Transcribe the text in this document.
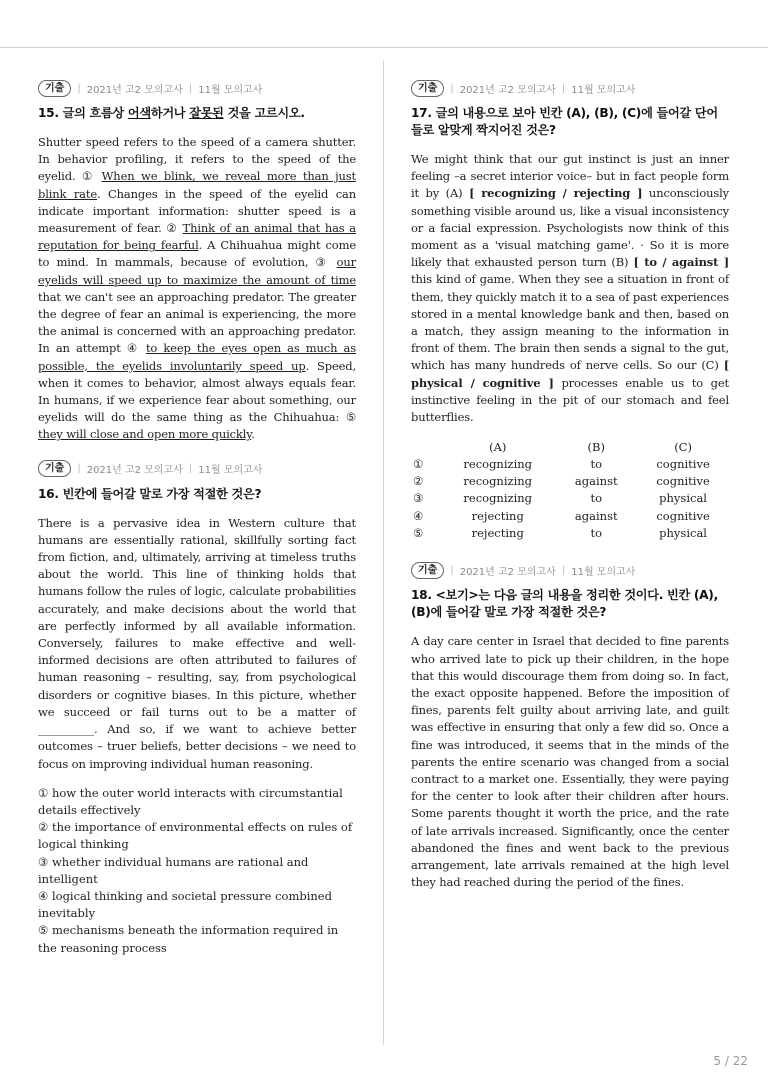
기출	| 2021년 고2 모의고사 | 11월 모의고사
15. 글의 흐름상 어색하거나 잘못된 것을 고르시오.

Shutter speed refers to the speed of a camera shutter. In behavior profiling, it refers to the speed of the eyelid. ① When we blink, we reveal more than just blink rate. Changes in the speed of the eyelid can indicate important information: shutter speed is a measurement of fear. ② Think of an animal that has a reputation for being fearful. A Chihuahua might come to mind. In mammals, because of evolution, ③ our eyelids will speed up to maximize the amount of time that we can't see an approaching predator. The greater the degree of fear an animal is experiencing, the more the animal is concerned with an approaching predator. In an attempt ④ to keep the eyes open as much as possible, the eyelids involuntarily speed up. Speed, when it comes to behavior, almost always equals fear. In humans, if we experience fear about something, our eyelids will do the same thing as the Chihuahua: ⑤ they will close and open more quickly.

기출	| 2021년 고2 모의고사 | 11월 모의고사
16. 빈칸에 들어갈 말로 가장 적절한 것은?

There is a pervasive idea in Western culture that humans are essentially rational, skillfully sorting fact from fiction, and, ultimately, arriving at timeless truths about the world. This line of thinking holds that humans follow the rules of logic, calculate probabilities accurately, and make decisions about the world that are perfectly informed by all available information. Conversely, failures to make effective and well-informed decisions are often attributed to failures of human reasoning – resulting, say, from psychological disorders or cognitive biases. In this picture, whether we succeed or fail turns out to be a matter of __________. And so, if we want to achieve better outcomes – truer beliefs, better decisions – we need to focus on improving individual human reasoning.

① how the outer world interacts with circumstantial details effectively
② the importance of environmental effects on rules of logical thinking
③ whether individual humans are rational and intelligent
④ logical thinking and societal pressure combined inevitably
⑤ mechanisms beneath the information required in the reasoning process
기출	| 2021년 고2 모의고사 | 11월 모의고사
17. 글의 내용으로 보아 빈칸 (A), (B), (C)에 들어갈 단어들로 알맞게 짝지어진 것은?

We might think that our gut instinct is just an inner feeling –a secret interior voice– but in fact people form it by (A) [ recognizing / rejecting ] unconsciously something visible around us, like a visual inconsistency or a facial expression. Psychologists now think of this moment as a 'visual matching game'. · So it is more likely that exhausted person turn (B) [ to / against ] this kind of game. When they see a situation in front of them, they quickly match it to a sea of past experiences stored in a mental knowledge bank and then, based on a match, they assign meaning to the information in front of them. The brain then sends a signal to the gut, which has many hundreds of nerve cells. So our (C) [ physical / cognitive ] processes enable us to get instinctive feeling in the pit of our stomach and feel butterflies.

	(A)	(B)	(C)
①	recognizing	to	cognitive
②	recognizing	against	cognitive
③	recognizing	to	physical
④	rejecting	against	cognitive
⑤	rejecting	to	physical
기출	| 2021년 고2 모의고사 | 11월 모의고사
18. <보기>는 다음 글의 내용을 정리한 것이다. 빈칸 (A), (B)에 들어갈 말로 가장 적절한 것은?

A day care center in Israel that decided to fine parents who arrived late to pick up their children, in the hope that this would discourage them from doing so. In fact, the exact opposite happened. Before the imposition of fines, parents felt guilty about arriving late, and guilt was effective in ensuring that only a few did so. Once a fine was introduced, it seems that in the minds of the parents the entire scenario was changed from a social contract to a market one. Essentially, they were paying for the center to look after their children after hours. Some parents thought it worth the price, and the rate of late arrivals increased. Significantly, once the center abandoned the fines and went back to the previous arrangement, late arrivals remained at the high level they had reached during the period of the fines.

5 / 22
